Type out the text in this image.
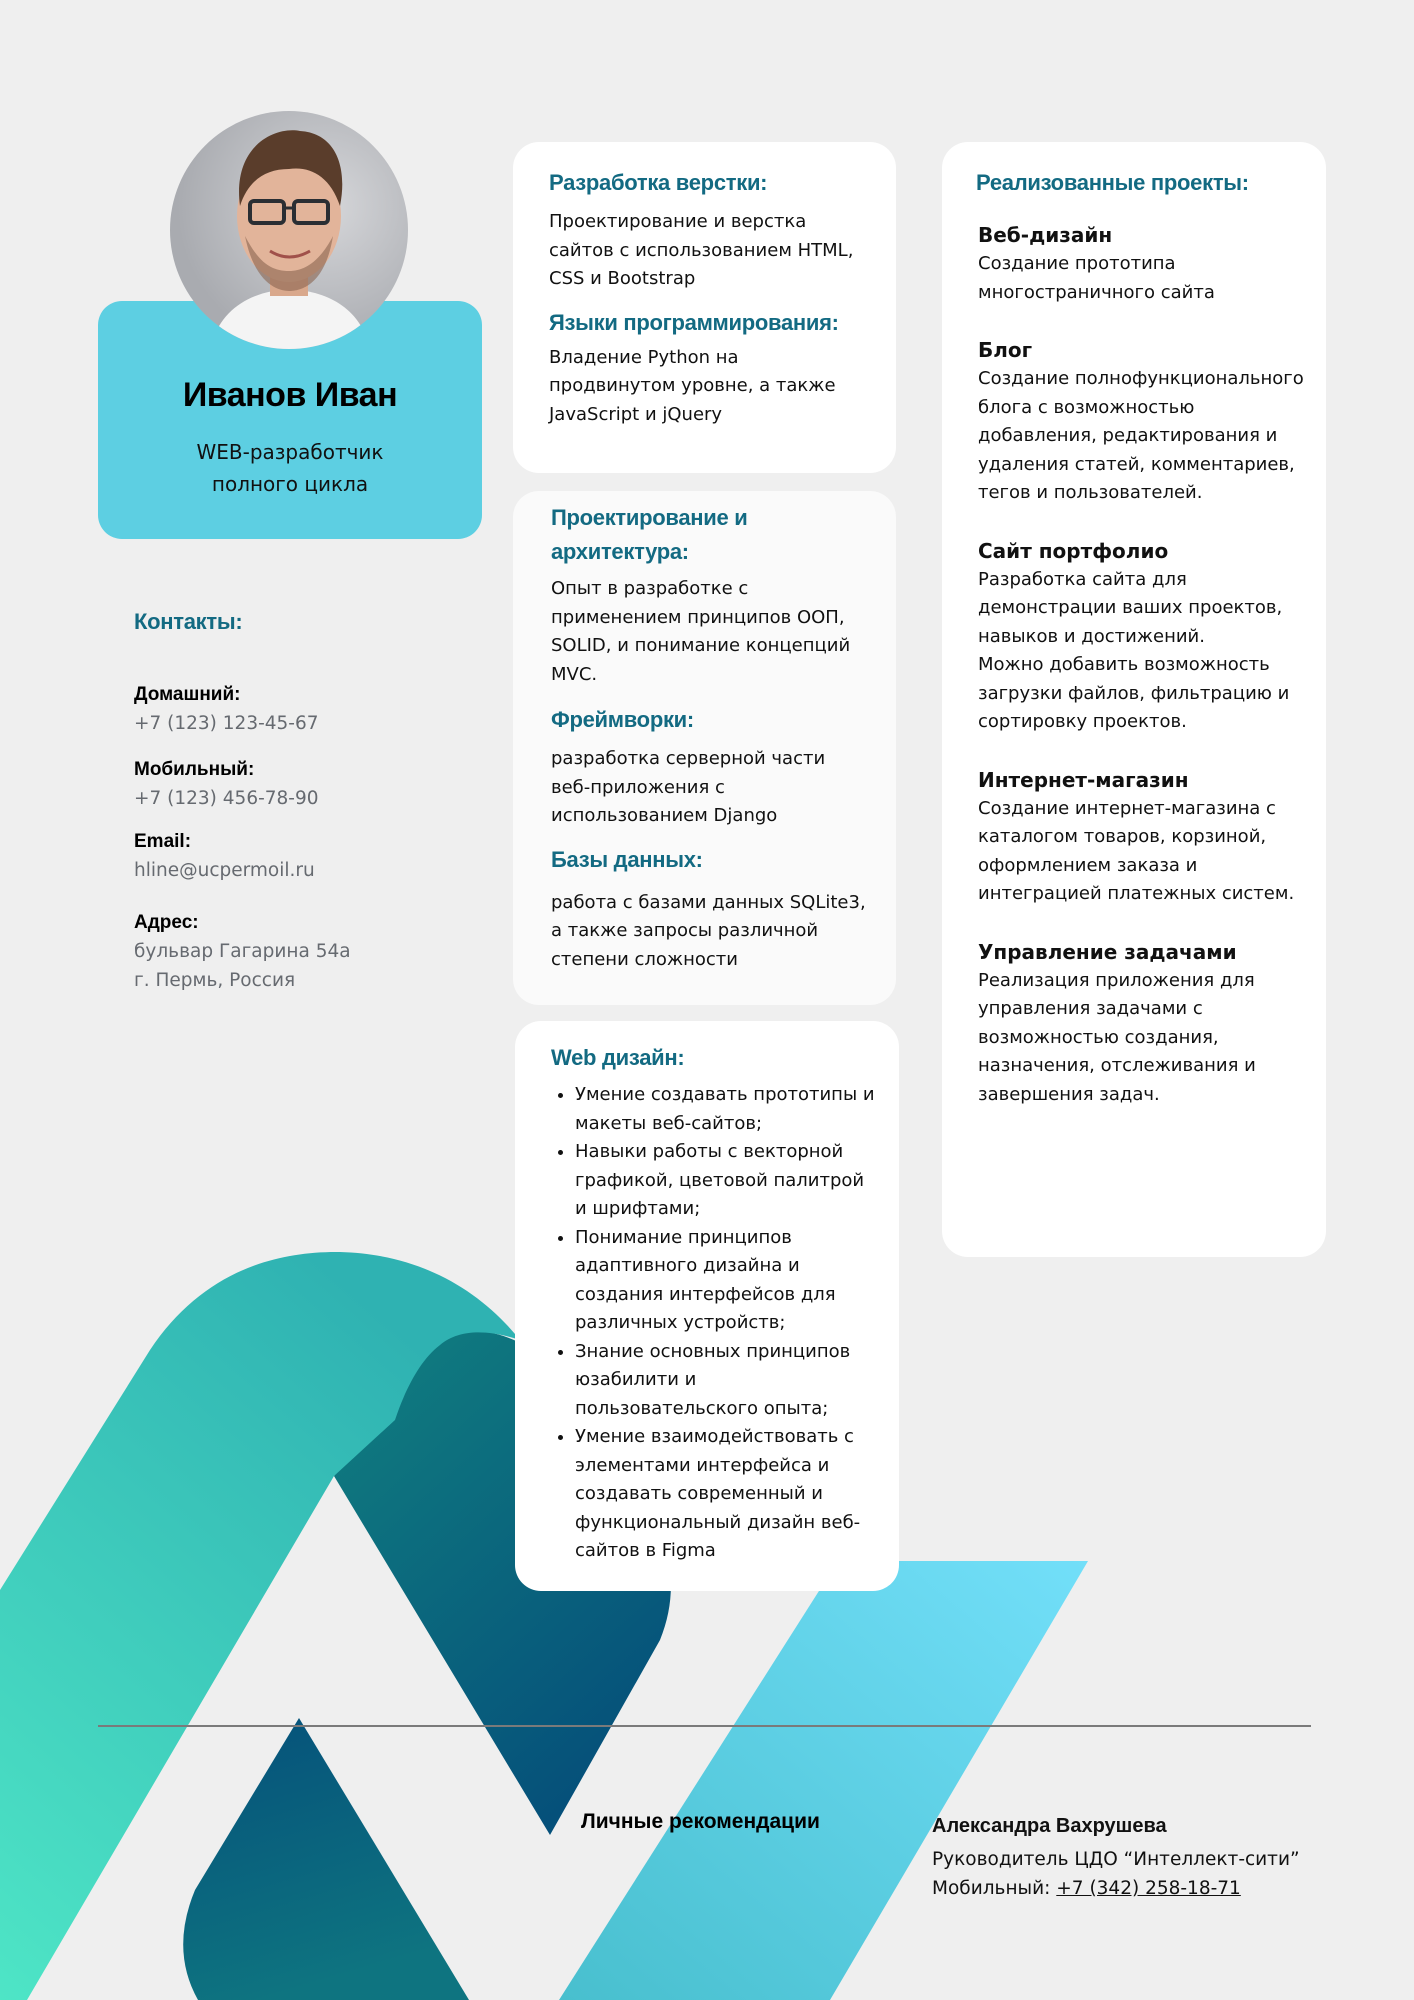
Иванов Иван
WEB-разработчик
полного цикла
Контакты:
Домашний:
+7 (123) 123-45-67
Мобильный:
+7 (123) 456-78-90
Email:
hline@ucpermoil.ru
Адрес:
бульвар Гагарина 54а
г. Пермь, Россия
Разработка верстки:
Проектирование и верстка сайтов с использованием HTML, CSS и Bootstrap
Языки программирования:
Владение Python на продвинутом уровне, а также JavaScript и jQuery
Проектирование и архитектура:
Опыт в разработке с применением принципов ООП, SOLID, и понимание концепций MVC.
Фреймворки:
разработка серверной части веб-приложения с использованием Django
Базы данных:
работа с базами данных SQLite3, а также запросы различной степени сложности
Web дизайн:
• Умение создавать прототипы и макеты веб-сайтов;
• Навыки работы с векторной графикой, цветовой палитрой и шрифтами;
• Понимание принципов адаптивного дизайна и создания интерфейсов для различных устройств;
• Знание основных принципов юзабилити и пользовательского опыта;
• Умение взаимодействовать с элементами интерфейса и создавать современный и функциональный дизайн веб-сайтов в Figma
Реализованные проекты:
Веб-дизайн
Создание прототипа многостраничного сайта
Блог
Создание полнофункционального блога с возможностью добавления, редактирования и удаления статей, комментариев, тегов и пользователей.
Сайт портфолио
Разработка сайта для демонстрации ваших проектов, навыков и достижений.
Можно добавить возможность загрузки файлов, фильтрацию и сортировку проектов.
Интернет-магазин
Создание интернет-магазина с каталогом товаров, корзиной, оформлением заказа и интеграцией платежных систем.
Управление задачами
Реализация приложения для управления задачами с возможностью создания, назначения, отслеживания и завершения задач.
Личные рекомендации	Александра Вахрушева
Руководитель ЦДО “Интеллект-сити”
Мобильный: +7 (342) 258-18-71
